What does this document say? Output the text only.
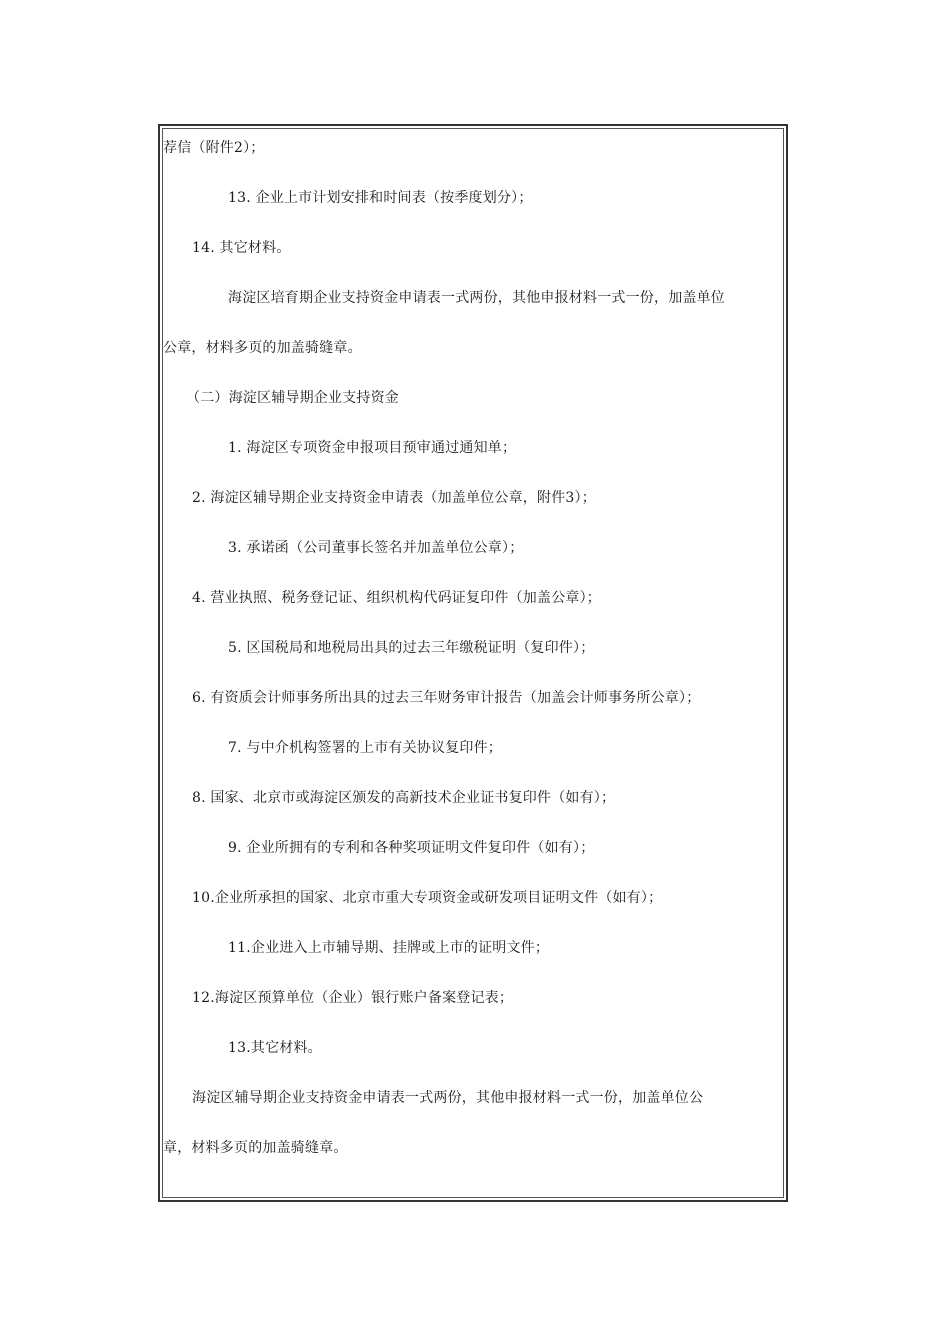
荐信（附件2）；
13. 企业上市计划安排和时间表（按季度划分）；
14. 其它材料。
海淀区培育期企业支持资金申请表一式两份，其他申报材料一式一份，加盖单位
公章，材料多页的加盖骑缝章。
（二）海淀区辅导期企业支持资金
1. 海淀区专项资金申报项目预审通过通知单；
2. 海淀区辅导期企业支持资金申请表（加盖单位公章，附件3）；
3. 承诺函（公司董事长签名并加盖单位公章）；
4. 营业执照、税务登记证、组织机构代码证复印件（加盖公章）；
5. 区国税局和地税局出具的过去三年缴税证明（复印件）；
6. 有资质会计师事务所出具的过去三年财务审计报告（加盖会计师事务所公章）；
7. 与中介机构签署的上市有关协议复印件；
8. 国家、北京市或海淀区颁发的高新技术企业证书复印件（如有）；
9. 企业所拥有的专利和各种奖项证明文件复印件（如有）；
10.企业所承担的国家、北京市重大专项资金或研发项目证明文件（如有）；
11.企业进入上市辅导期、挂牌或上市的证明文件；
12.海淀区预算单位（企业）银行账户备案登记表；
13.其它材料。
海淀区辅导期企业支持资金申请表一式两份，其他申报材料一式一份，加盖单位公
章，材料多页的加盖骑缝章。
